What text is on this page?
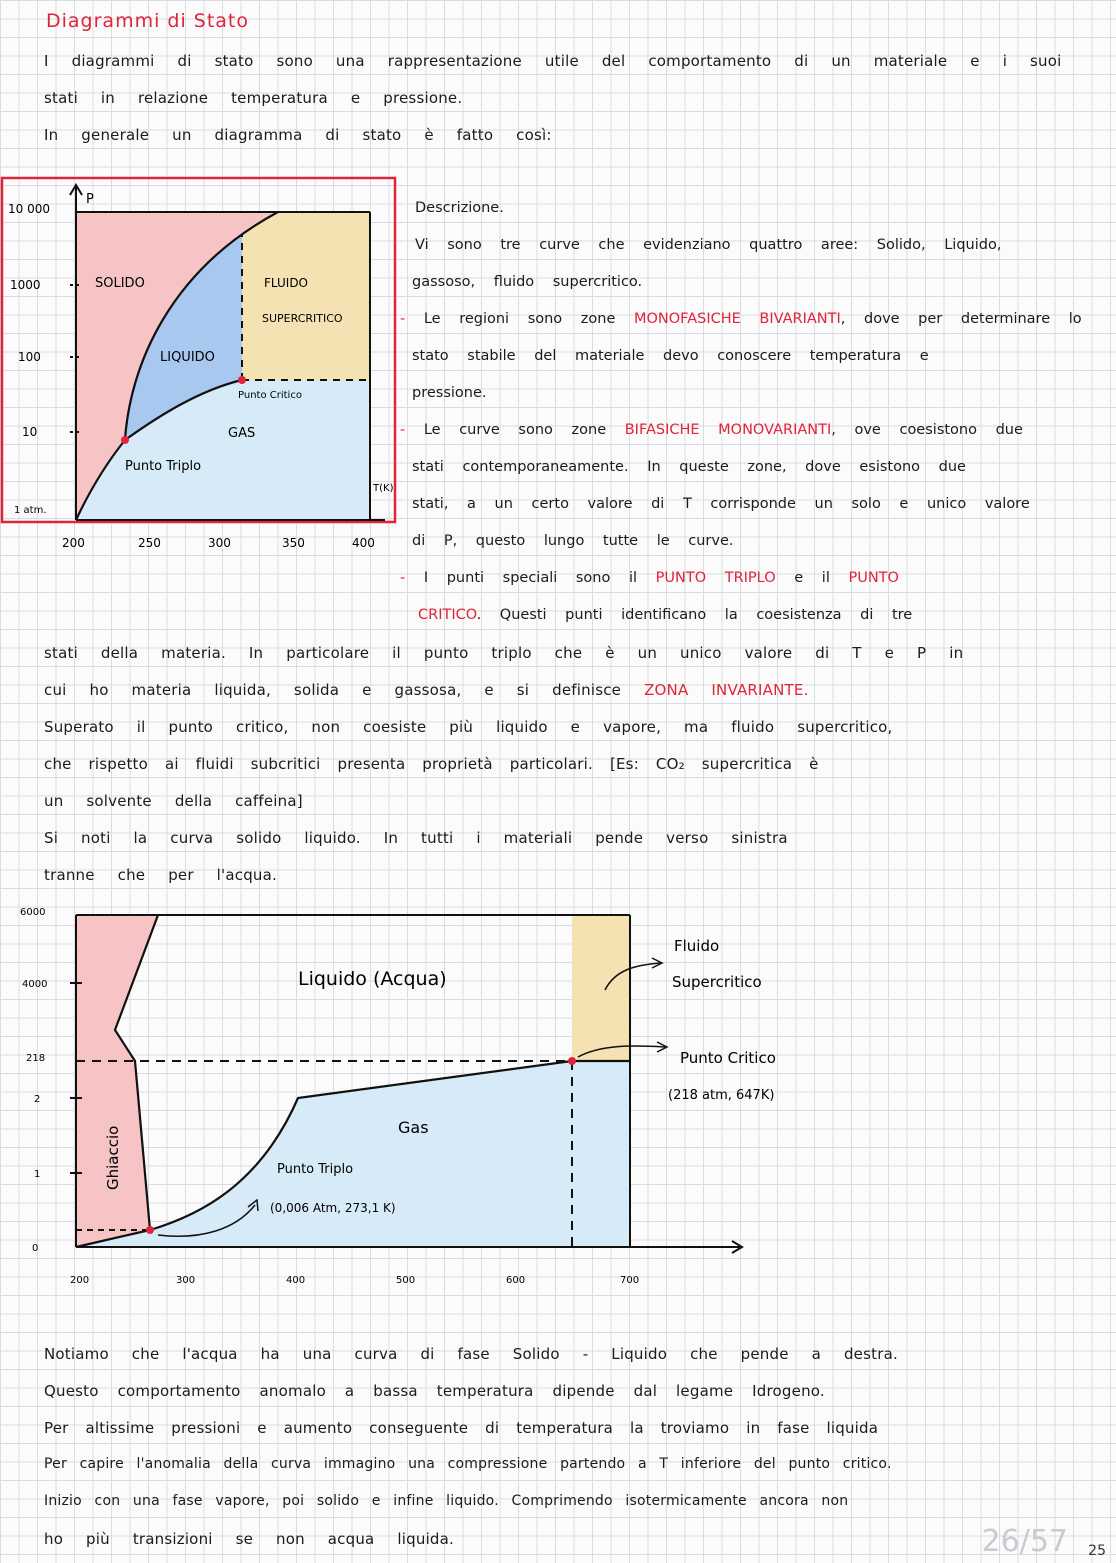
Diagrammi di Stato
I diagrammi di stato sono una rappresentazione utile del comportamento di un materiale e i suoi
stati in relazione temperatura e pressione.
In generale un diagramma di stato è fatto così:
P
T(K)
10 000
1000
100
10
1 atm.
200	250	300	350	400
SOLIDO
LIQUIDO
FLUIDO
SUPERCRITICO
GAS
Punto Critico
Punto Triplo
Descrizione.
Vi sono tre curve che evidenziano quattro aree: Solido, Liquido,
gassoso, fluido supercritico.
- Le regioni sono zone MONOFASICHE BIVARIANTI, dove per determinare lo
stato stabile del materiale devo conoscere temperatura e
pressione.
- Le curve sono zone BIFASICHE MONOVARIANTI, ove coesistono due
stati contemporaneamente. In queste zone, dove esistono due
stati, a un certo valore di T corrisponde un solo e unico valore
di P, questo lungo tutte le curve.
- I punti speciali sono il PUNTO TRIPLO e il PUNTO
CRITICO. Questi punti identificano la coesistenza di tre
stati della materia. In particolare il punto triplo che è un unico valore di T e P in
cui ho materia liquida, solida e gassosa, e si definisce ZONA INVARIANTE.
Superato il punto critico, non coesiste più liquido e vapore, ma fluido supercritico,
che rispetto ai fluidi subcritici presenta proprietà particolari. [Es: CO₂ supercritica è
un solvente della caffeina]
Si noti la curva solido liquido. In tutti i materiali pende verso sinistra
tranne che per l'acqua.
6000
4000
218
2
1
0
200	300	400	500	600	700
Liquido (Acqua)
Ghiaccio	Gas
Fluido
Supercritico
Punto Critico
(218 atm, 647K)
Punto Triplo
(0,006 Atm, 273,1 K)
Notiamo che l'acqua ha una curva di fase Solido - Liquido che pende a destra.
Questo comportamento anomalo a bassa temperatura dipende dal legame Idrogeno.
Per altissime pressioni e aumento conseguente di temperatura la troviamo in fase liquida
Per capire l'anomalia della curva immagino una compressione partendo a T inferiore del punto critico.
Inizio con una fase vapore, poi solido e infine liquido. Comprimendo isotermicamente ancora non
ho più transizioni se non acqua liquida.	26/57 25
